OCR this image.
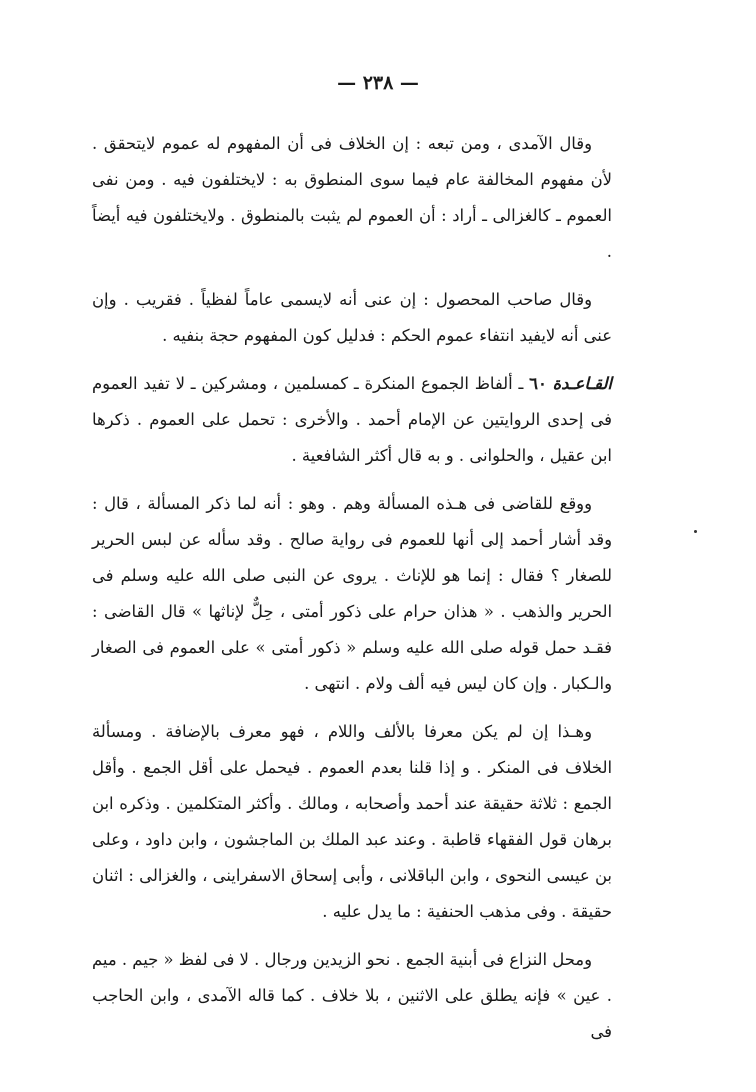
— ٢٣٨ —

وقال الآمدى ، ومن تبعه : إن الخلاف فى أن المفهوم له عموم لايتحقق . لأن مفهوم المخالفة عام فيما سوى المنطوق به : لايختلفون فيه . ومن نفى العموم ـ كالغزالى ـ أراد : أن العموم لم يثبت بالمنطوق . ولايختلفون فيه أيضاً .

وقال صاحب المحصول : إن عنى أنه لايسمى عاماً لفظياً . فقريب . وإن عنى أنه لايفيد انتفاء عموم الحكم : فدليل كون المفهوم حجة بنفيه .

القـاعـدة ٦٠ ـ ألفاظ الجموع المنكرة ـ كمسلمين ، ومشركين ـ لا تفيد العموم فى إحدى الروايتين عن الإمام أحمد . والأخرى : تحمل على العموم . ذكرها ابن عقيل ، والحلوانى . و به قال أكثر الشافعية .

ووقع للقاضى فى هـذه المسألة وهم . وهو : أنه لما ذكر المسألة ، قال : وقد أشار أحمد إلى أنها للعموم فى رواية صالح . وقد سأله عن لبس الحرير للصغار ؟ فقال : إنما هو للإناث . يروى عن النبى صلى الله عليه وسلم فى الحرير والذهب . « هذان حرام على ذكور أمتى ، حِلٌّ لإناثها » قال القاضى : فقـد حمل قوله صلى الله عليه وسلم « ذكور أمتى » على العموم فى الصغار والـكبار . وإن كان ليس فيه ألف ولام . انتهى .

وهـذا إن لم يكن معرفا بالألف واللام ، فهو معرف بالإضافة . ومسألة الخلاف فى المنكر . و إذا قلنا بعدم العموم . فيحمل على أقل الجمع . وأقل الجمع : ثلاثة حقيقة عند أحمد وأصحابه ، ومالك . وأكثر المتكلمين . وذكره ابن برهان قول الفقهاء قاطبة . وعند عبد الملك بن الماجشون ، وابن داود ، وعلى بن عيسى النحوى ، وابن الباقلانى ، وأبى إسحاق الاسفراينى ، والغزالى : اثنان حقيقة . وفى مذهب الحنفية : ما يدل عليه .

ومحل النزاع فى أبنية الجمع . نحو الزيدين ورجال . لا فى لفظ « جيم . ميم . عين » فإنه يطلق على الاثنين ، بلا خلاف . كما قاله الآمدى ، وابن الحاجب فى
